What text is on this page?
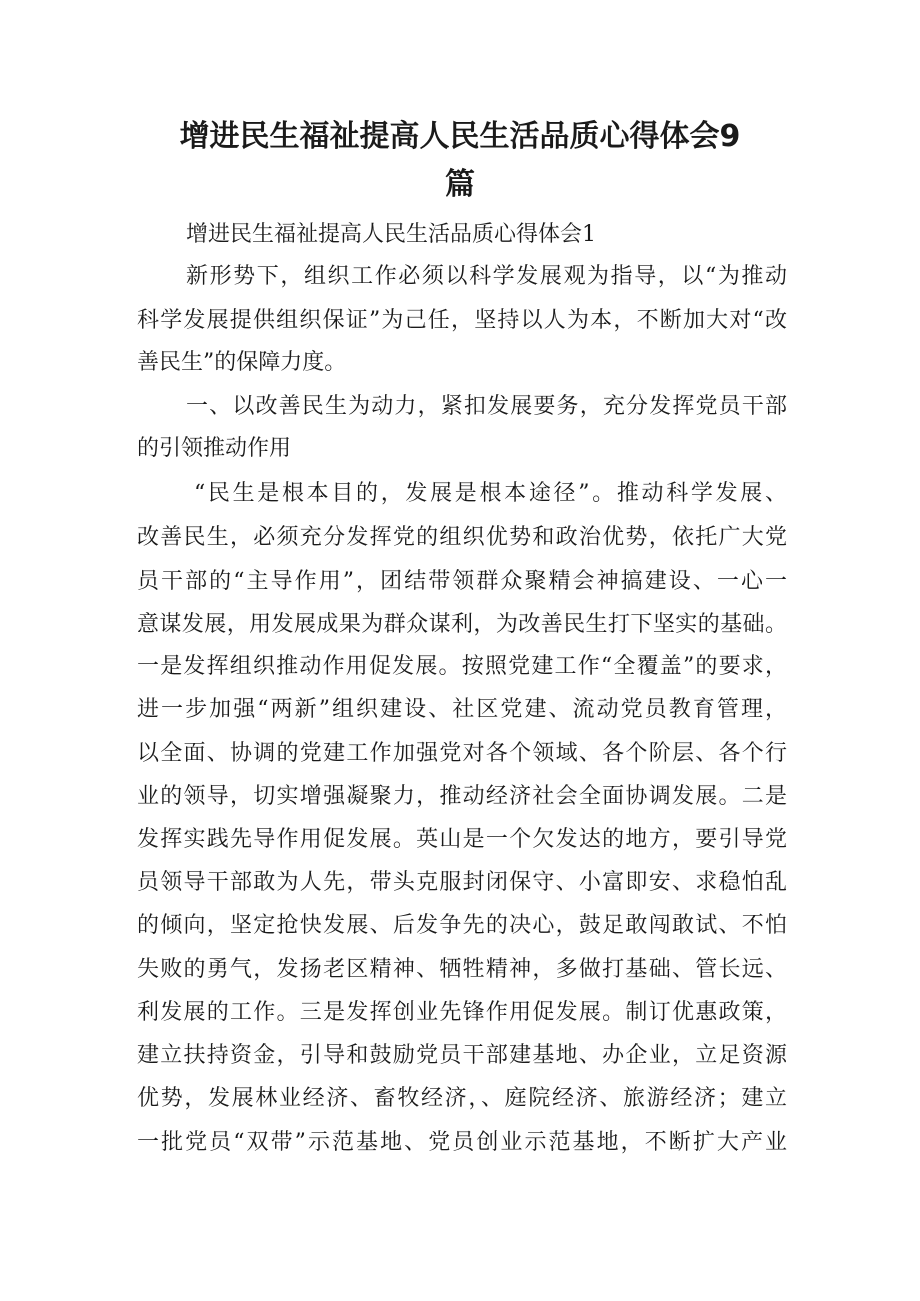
增进民生福祉提高人民生活品质心得体会9
篇
增进民生福祉提高人民生活品质心得体会1
新形势下，组织工作必须以科学发展观为指导，以“为推动
科学发展提供组织保证”为己任，坚持以人为本，不断加大对“改
善民生”的保障力度。
一、以改善民生为动力，紧扣发展要务，充分发挥党员干部
的引领推动作用
“民生是根本目的，发展是根本途径”。推动科学发展、
改善民生，必须充分发挥党的组织优势和政治优势，依托广大党
员干部的“主导作用”，团结带领群众聚精会神搞建设、一心一
意谋发展，用发展成果为群众谋利，为改善民生打下坚实的基础。
一是发挥组织推动作用促发展。按照党建工作“全覆盖”的要求，
进一步加强“两新”组织建设、社区党建、流动党员教育管理，
以全面、协调的党建工作加强党对各个领域、各个阶层、各个行
业的领导，切实增强凝聚力，推动经济社会全面协调发展。二是
发挥实践先导作用促发展。英山是一个欠发达的地方，要引导党
员领导干部敢为人先，带头克服封闭保守、小富即安、求稳怕乱
的倾向，坚定抢快发展、后发争先的决心，鼓足敢闯敢试、不怕
失败的勇气，发扬老区精神、牺牲精神，多做打基础、管长远、
利发展的工作。三是发挥创业先锋作用促发展。制订优惠政策，
建立扶持资金，引导和鼓励党员干部建基地、办企业，立足资源
优势，发展林业经济、畜牧经济，、庭院经济、旅游经济；建立
一批党员“双带”示范基地、党员创业示范基地，不断扩大产业
